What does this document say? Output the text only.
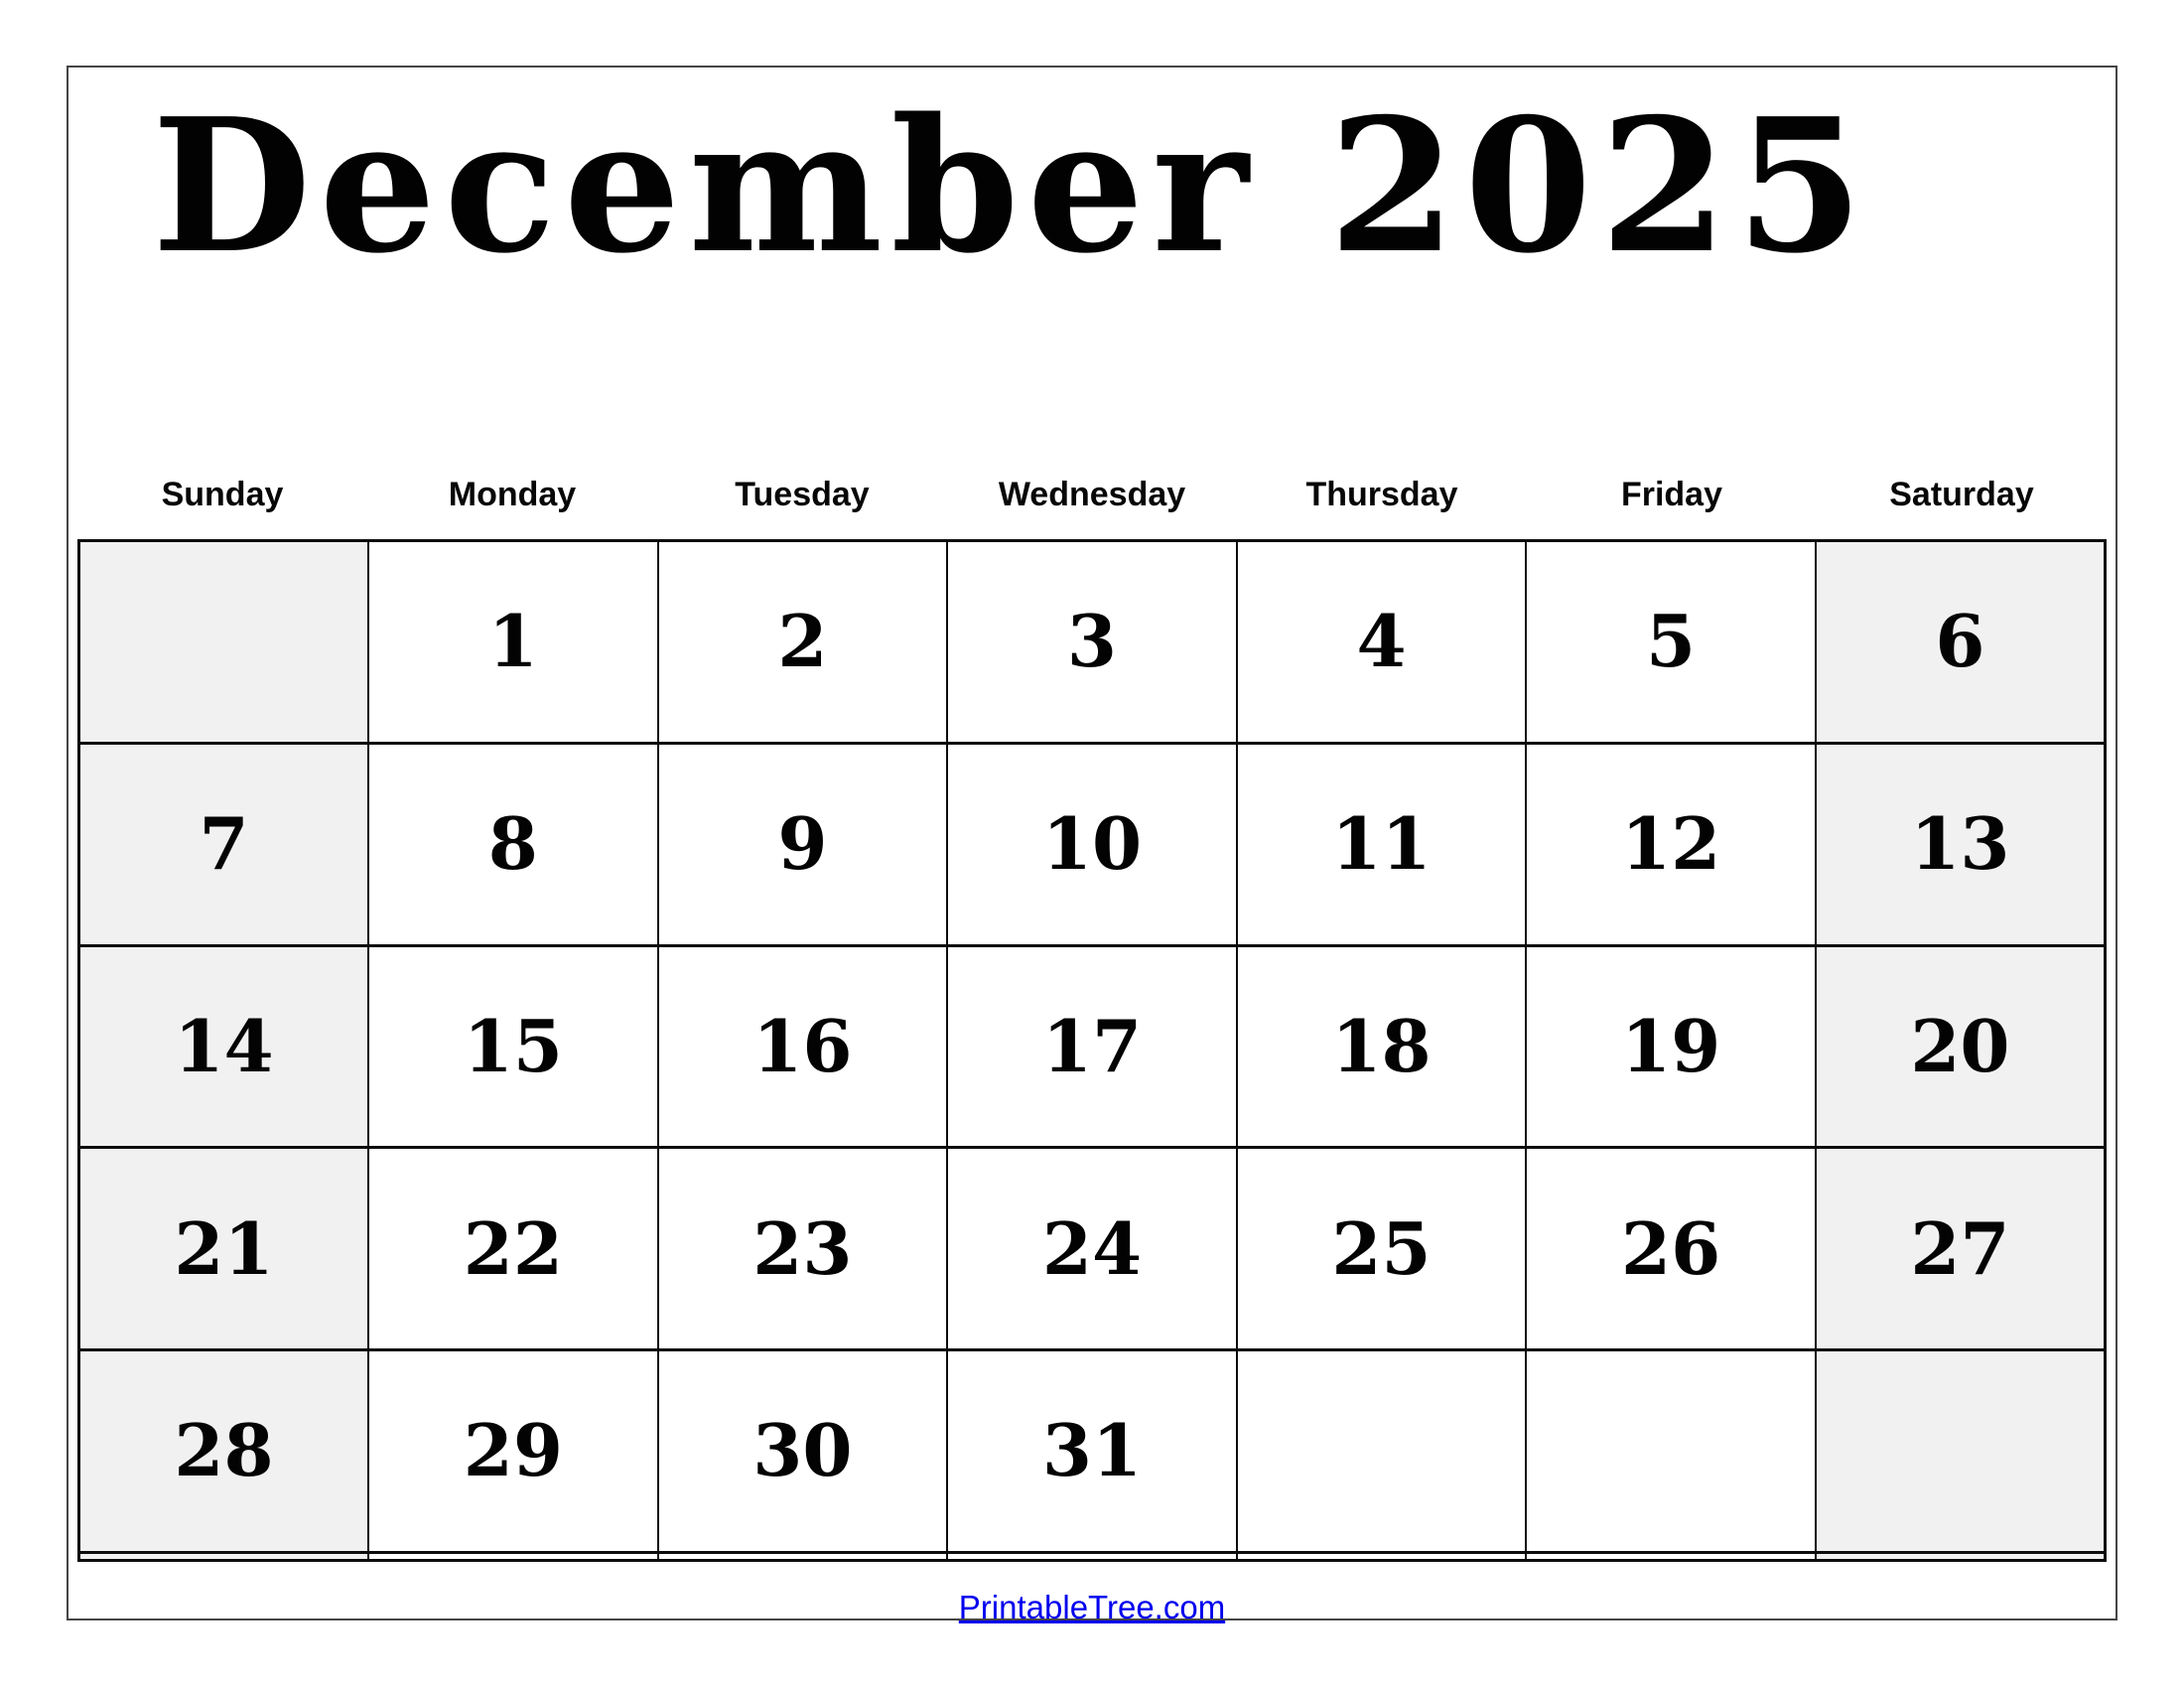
December 2025
Sunday	Monday	Tuesday	Wednesday	Thursday	Friday	Saturday
	1	2	3	4	5	6
7	8	9	10	11	12	13
14	15	16	17	18	19	20
21	22	23	24	25	26	27
28	29	30	31			

PrintableTree.com
